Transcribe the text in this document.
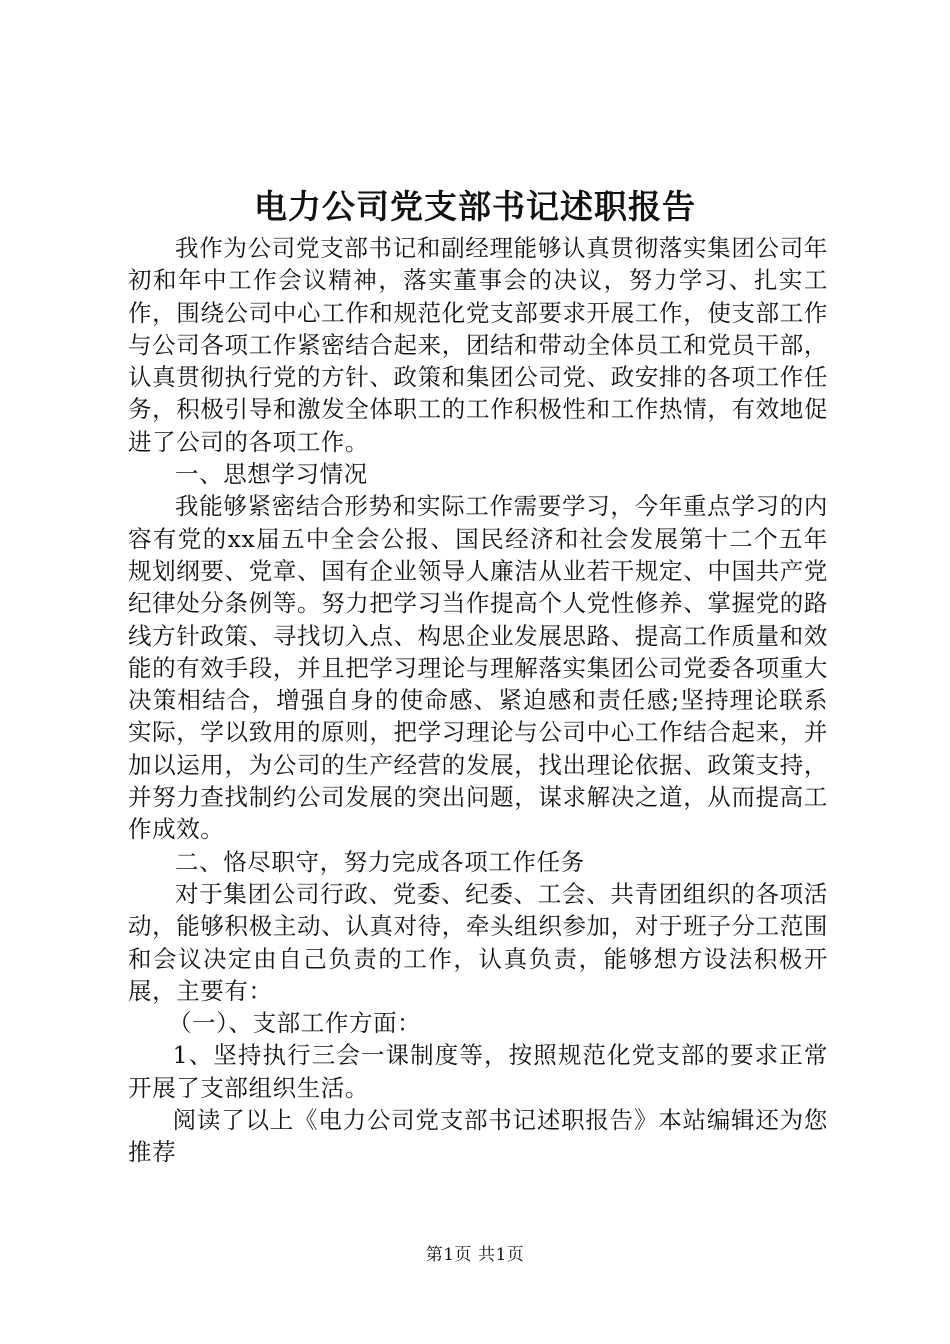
电力公司党支部书记述职报告

我作为公司党支部书记和副经理能够认真贯彻落实集团公司年初和年中工作会议精神，落实董事会的决议，努力学习、扎实工作，围绕公司中心工作和规范化党支部要求开展工作，使支部工作与公司各项工作紧密结合起来，团结和带动全体员工和党员干部，认真贯彻执行党的方针、政策和集团公司党、政安排的各项工作任务，积极引导和激发全体职工的工作积极性和工作热情，有效地促进了公司的各项工作。

一、思想学习情况

我能够紧密结合形势和实际工作需要学习，今年重点学习的内容有党的xx届五中全会公报、国民经济和社会发展第十二个五年规划纲要、党章、国有企业领导人廉洁从业若干规定、中国共产党纪律处分条例等。努力把学习当作提高个人党性修养、掌握党的路线方针政策、寻找切入点、构思企业发展思路、提高工作质量和效能的有效手段，并且把学习理论与理解落实集团公司党委各项重大决策相结合，增强自身的使命感、紧迫感和责任感;坚持理论联系实际，学以致用的原则，把学习理论与公司中心工作结合起来，并加以运用，为公司的生产经营的发展，找出理论依据、政策支持，并努力查找制约公司发展的突出问题，谋求解决之道，从而提高工作成效。

二、恪尽职守，努力完成各项工作任务

对于集团公司行政、党委、纪委、工会、共青团组织的各项活动，能够积极主动、认真对待，牵头组织参加，对于班子分工范围和会议决定由自己负责的工作，认真负责，能够想方设法积极开展，主要有：

（一）、支部工作方面：

1、坚持执行三会一课制度等，按照规范化党支部的要求正常开展了支部组织生活。

阅读了以上《电力公司党支部书记述职报告》本站编辑还为您推荐

第1页 共1页
